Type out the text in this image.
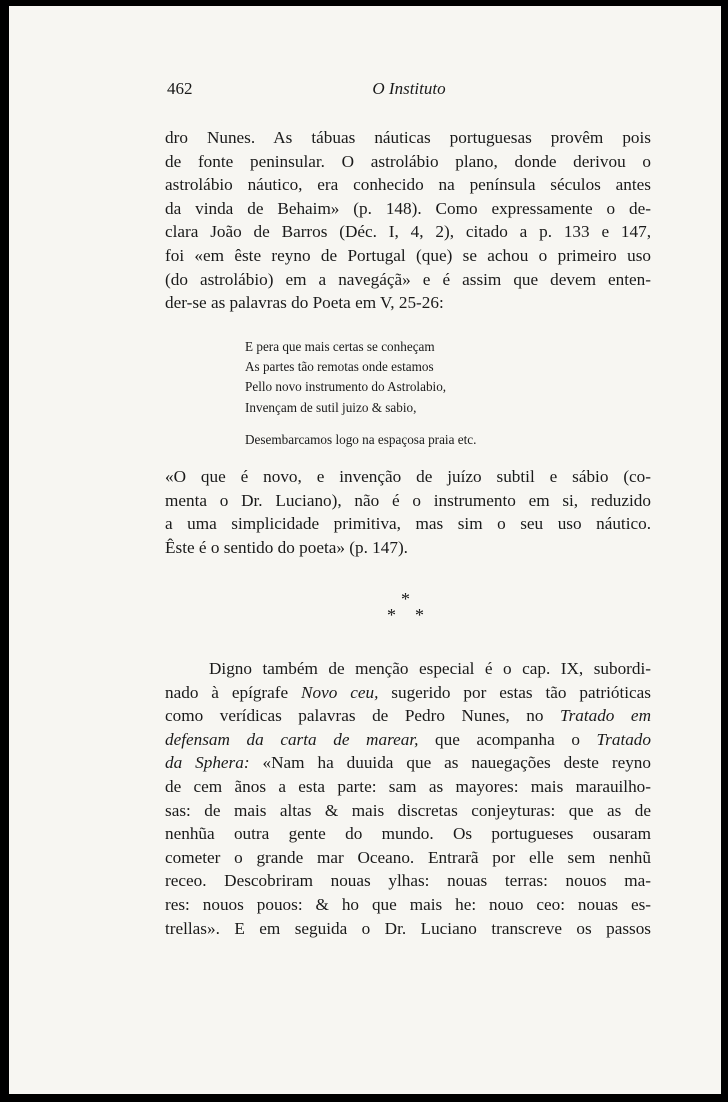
462	O Instituto
dro Nunes. As tábuas náuticas portuguesas provêm pois
de fonte peninsular. O astrolábio plano, donde derivou o
astrolábio náutico, era conhecido na península séculos antes
da vinda de Behaim» (p. 148). Como expressamente o de-
clara João de Barros (Déc. I, 4, 2), citado a p. 133 e 147,
foi «em êste reyno de Portugal (que) se achou o primeiro uso
(do astrolábio) em a navegáçã» e é assim que devem enten-
der-se as palavras do Poeta em V, 25-26:
E pera que mais certas se conheçam
As partes tão remotas onde estamos
Pello novo instrumento do Astrolabio,
Invençam de sutil juizo & sabio,
Desembarcamos logo na espaçosa praia etc.
«O que é novo, e invenção de juízo subtil e sábio (co-
menta o Dr. Luciano), não é o instrumento em si, reduzido
a uma simplicidade primitiva, mas sim o seu uso náutico.
Êste é o sentido do poeta» (p. 147).
*
* *
Digno também de menção especial é o cap. IX, subordi-
nado à epígrafe Novo ceu, sugerido por estas tão patrióticas
como verídicas palavras de Pedro Nunes, no Tratado em
defensam da carta de marear, que acompanha o Tratado
da Sphera: «Nam ha duuida que as nauegações deste reyno
de cem ãnos a esta parte: sam as mayores: mais marauilho-
sas: de mais altas & mais discretas conjeyturas: que as de
nenhũa outra gente do mundo. Os portugueses ousaram
cometer o grande mar Oceano. Entrarã por elle sem nenhũ
receo. Descobriram nouas ylhas: nouas terras: nouos ma-
res: nouos pouos: & ho que mais he: nouo ceo: nouas es-
trellas». E em seguida o Dr. Luciano transcreve os passos
